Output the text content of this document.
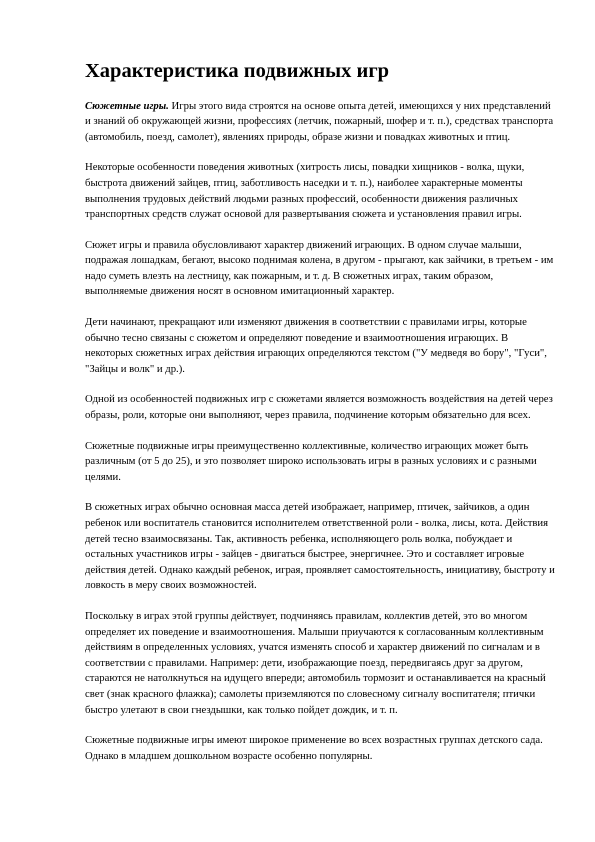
Характеристика подвижных игр

Сюжетные игры. Игры этого вида строятся на основе опыта детей, имеющихся у них представлений и знаний об окружающей жизни, профессиях (летчик, пожарный, шофер и т. п.), средствах транспорта (автомобиль, поезд, самолет), явлениях природы, образе жизни и повадках животных и птиц.

Некоторые особенности поведения животных (хитрость лисы, повадки хищников - волка, щуки, быстрота движений зайцев, птиц, заботливость наседки и т. п.), наиболее характерные моменты выполнения трудовых действий людьми разных профессий, особенности движения различных транспортных средств служат основой для развертывания сюжета и установления правил игры.

Сюжет игры и правила обусловливают характер движений играющих. В одном случае малыши, подражая лошадкам, бегают, высоко поднимая колена, в другом - прыгают, как зайчики, в третьем - им надо суметь влезть на лестницу, как пожарным, и т. д. В сюжетных играх, таким образом, выполняемые движения носят в основном имитационный характер.

Дети начинают, прекращают или изменяют движения в соответствии с правилами игры, которые обычно тесно связаны с сюжетом и определяют поведение и взаимоотношения играющих. В некоторых сюжетных играх действия играющих определяются текстом ("У медведя во бору", "Гуси", "Зайцы и волк" и др.).

Одной из особенностей подвижных игр с сюжетами является возможность воздействия на детей через образы, роли, которые они выполняют, через правила, подчинение которым обязательно для всех.

Сюжетные подвижные игры преимущественно коллективные, количество играющих может быть различным (от 5 до 25), и это позволяет широко использовать игры в разных условиях и с разными целями.

В сюжетных играх обычно основная масса детей изображает, например, птичек, зайчиков, а один ребенок или воспитатель становится исполнителем ответственной роли - волка, лисы, кота. Действия детей тесно взаимосвязаны. Так, активность ребенка, исполняющего роль волка, побуждает и остальных участников игры - зайцев - двигаться быстрее, энергичнее. Это и составляет игровые действия детей. Однако каждый ребенок, играя, проявляет самостоятельность, инициативу, быстроту и ловкость в меру своих возможностей.

Поскольку в играх этой группы действует, подчиняясь правилам, коллектив детей, это во многом определяет их поведение и взаимоотношения. Малыши приучаются к согласованным коллективным действиям в определенных условиях, учатся изменять способ и характер движений по сигналам и в соответствии с правилами. Например: дети, изображающие поезд, передвигаясь друг за другом, стараются не натолкнуться на идущего впереди; автомобиль тормозит и останавливается на красный свет (знак красного флажка); самолеты приземляются по словесному сигналу воспитателя; птички быстро улетают в свои гнездышки, как только пойдет дождик, и т. п.

Сюжетные подвижные игры имеют широкое применение во всех возрастных группах детского сада. Однако в младшем дошкольном возрасте особенно популярны.
